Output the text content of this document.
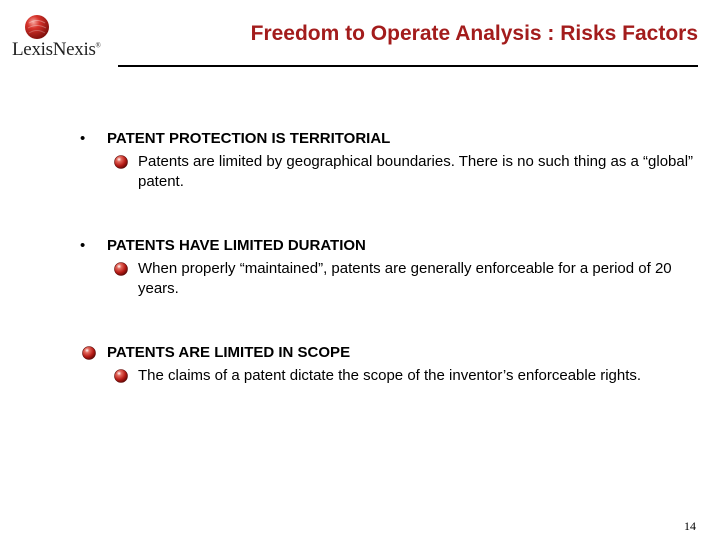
LexisNexis®
Freedom to Operate Analysis : Risks Factors
• PATENT PROTECTION IS TERRITORIAL
Patents are limited by geographical boundaries. There is no such thing as a “global” patent.
• PATENTS HAVE LIMITED DURATION
When properly “maintained”, patents are generally enforceable for a period of 20 years.
PATENTS ARE LIMITED IN SCOPE
The claims of a patent dictate the scope of the inventor’s enforceable rights.
14
